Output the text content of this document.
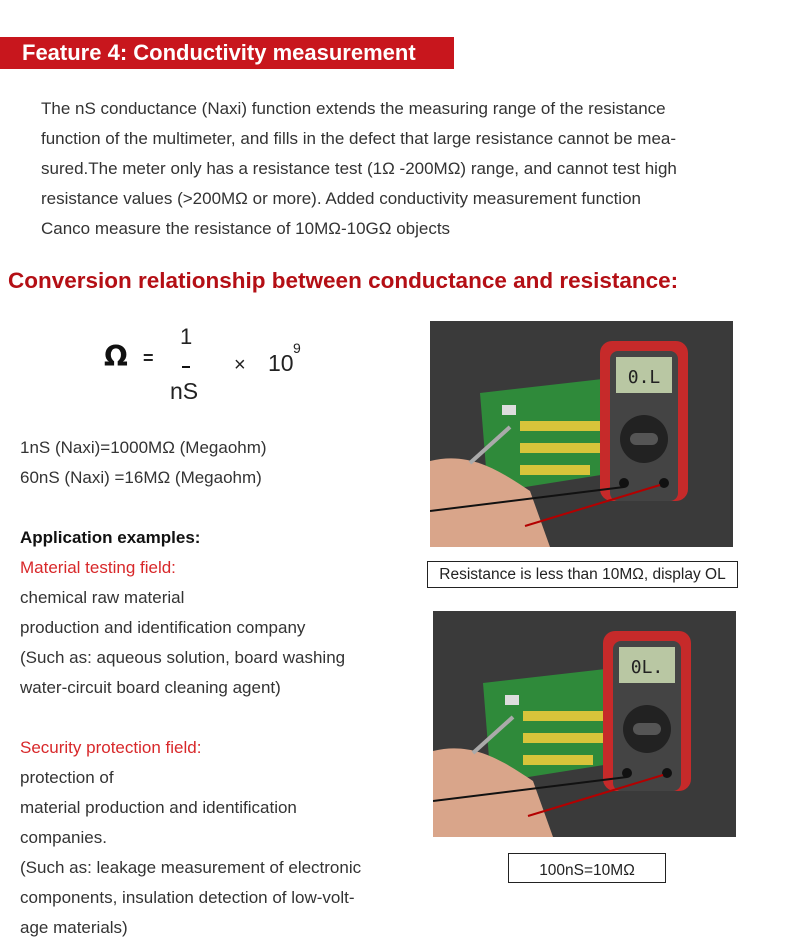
Feature 4: Conductivity measurement
The nS conductance (Naxi) function extends the measuring range of the resistance
function of the multimeter, and fills in the defect that large resistance cannot be mea-
sured.The meter only has a resistance test (1Ω -200MΩ) range, and cannot test high
resistance values (>200MΩ or more). Added conductivity measurement function
Canco measure the resistance of 10MΩ-10GΩ objects
Conversion relationship between conductance and resistance:
Ω =
1
nS
× 10
9
1nS (Naxi)=1000MΩ (Megaohm)
60nS (Naxi) =16MΩ (Megaohm)
Application examples:
Material testing field:
chemical raw material
production and identification company
(Such as: aqueous solution, board washing
water-circuit board cleaning agent)
Security protection field:
protection of
material production and identification
companies.
(Such as: leakage measurement of electronic
components, insulation detection of low-volt-
age materials)
0.L
Resistance is less than 10MΩ, display OL
0L.
100nS=10MΩ
